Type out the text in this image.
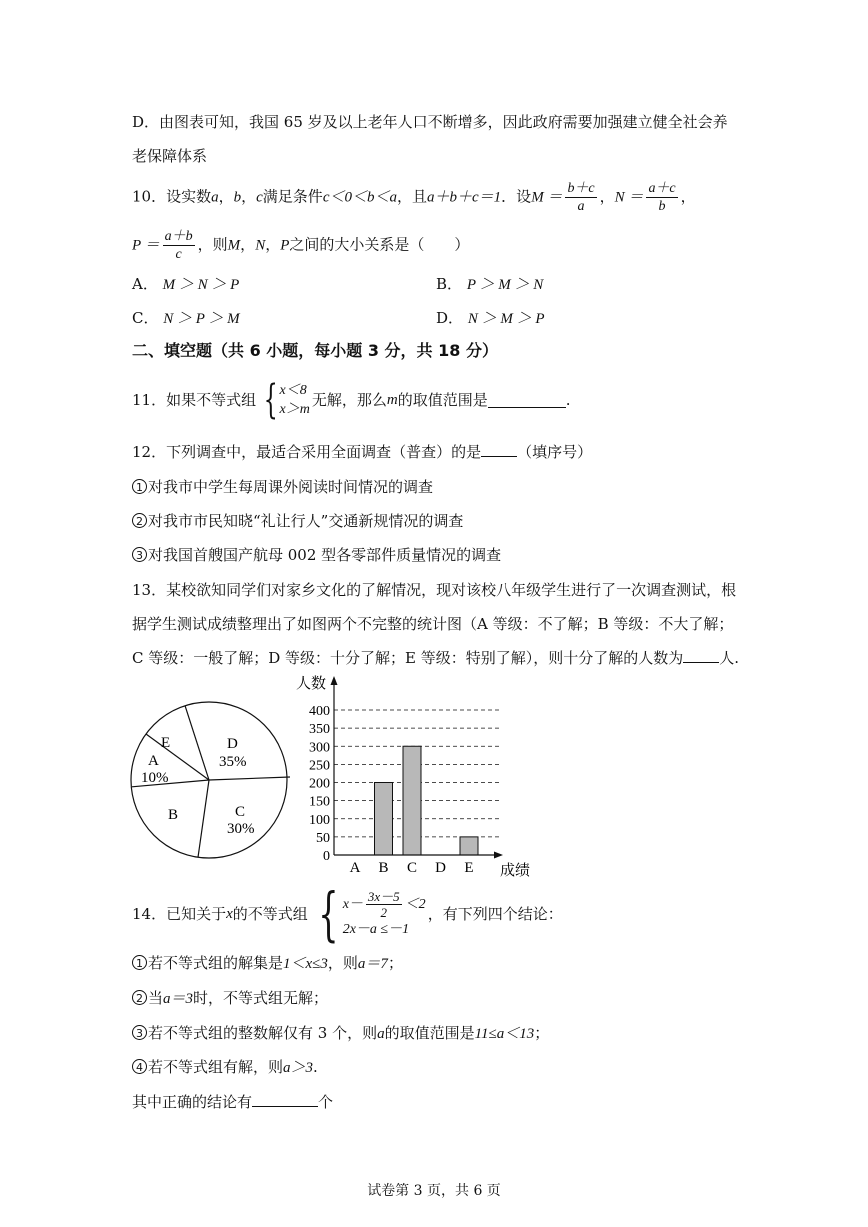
D．由图表可知，我国 65 岁及以上老年人口不断增多，因此政府需要加强建立健全社会养
老保障体系
10．设实数a，b，c满足条件c＜0＜b＜a，且a＋b＋c＝1．设$M = \frac{b+c}{a}$ ，$N = \frac{a+c}{b}$ ，
$P = \frac{a+b}{c}$ ，则M，N，P之间的大小关系是（　　）
A． M ＞ N ＞ P	B． P ＞ M ＞ N
C． N ＞ P ＞ M	D． N ＞ M ＞ P
二、填空题（共 6 小题，每小题 3 分，共 18 分）
11．如果不等式组 { x＜8
x＞m
无解，那么 m 的取值范围是	.
12．下列调查中，最适合采用全面调查（普查）的是 （填序号）
1 对我市中学生每周课外阅读时间情况的调查
2 对我市市民知晓“礼让行人”交通新规情况的调查
3 对我国首艘国产航母 002 型各零部件质量情况的调查
13．某校欲知同学们对家乡文化的了解情况，现对该校八年级学生进行了一次调查测试，根
据学生测试成绩整理出了如图两个不完整的统计图（A 等级：不了解；B 等级：不大了解；
C 等级：一般了解；D 等级：十分了解；E 等级：特别了解），则十分了解的人数为 人.
E	D
35%
A
10%
B	C
30%
0
50
100
150
200
250
300
350
400
A B C D E
人数
成绩
14．已知关于 x 的不等式组 { $x- \frac{3x-5}{2} <2$
2x－a ≤－1
，有下列四个结论：
1 若不等式组的解集是1＜x≤3，则a＝7；
2 当a＝3时，不等式组无解；
3 若不等式组的整数解仅有 3 个，则a的取值范围是11≤a＜13；
4 若不等式组有解，则a＞3.
其中正确的结论有	个
试卷第 3 页，共 6 页
